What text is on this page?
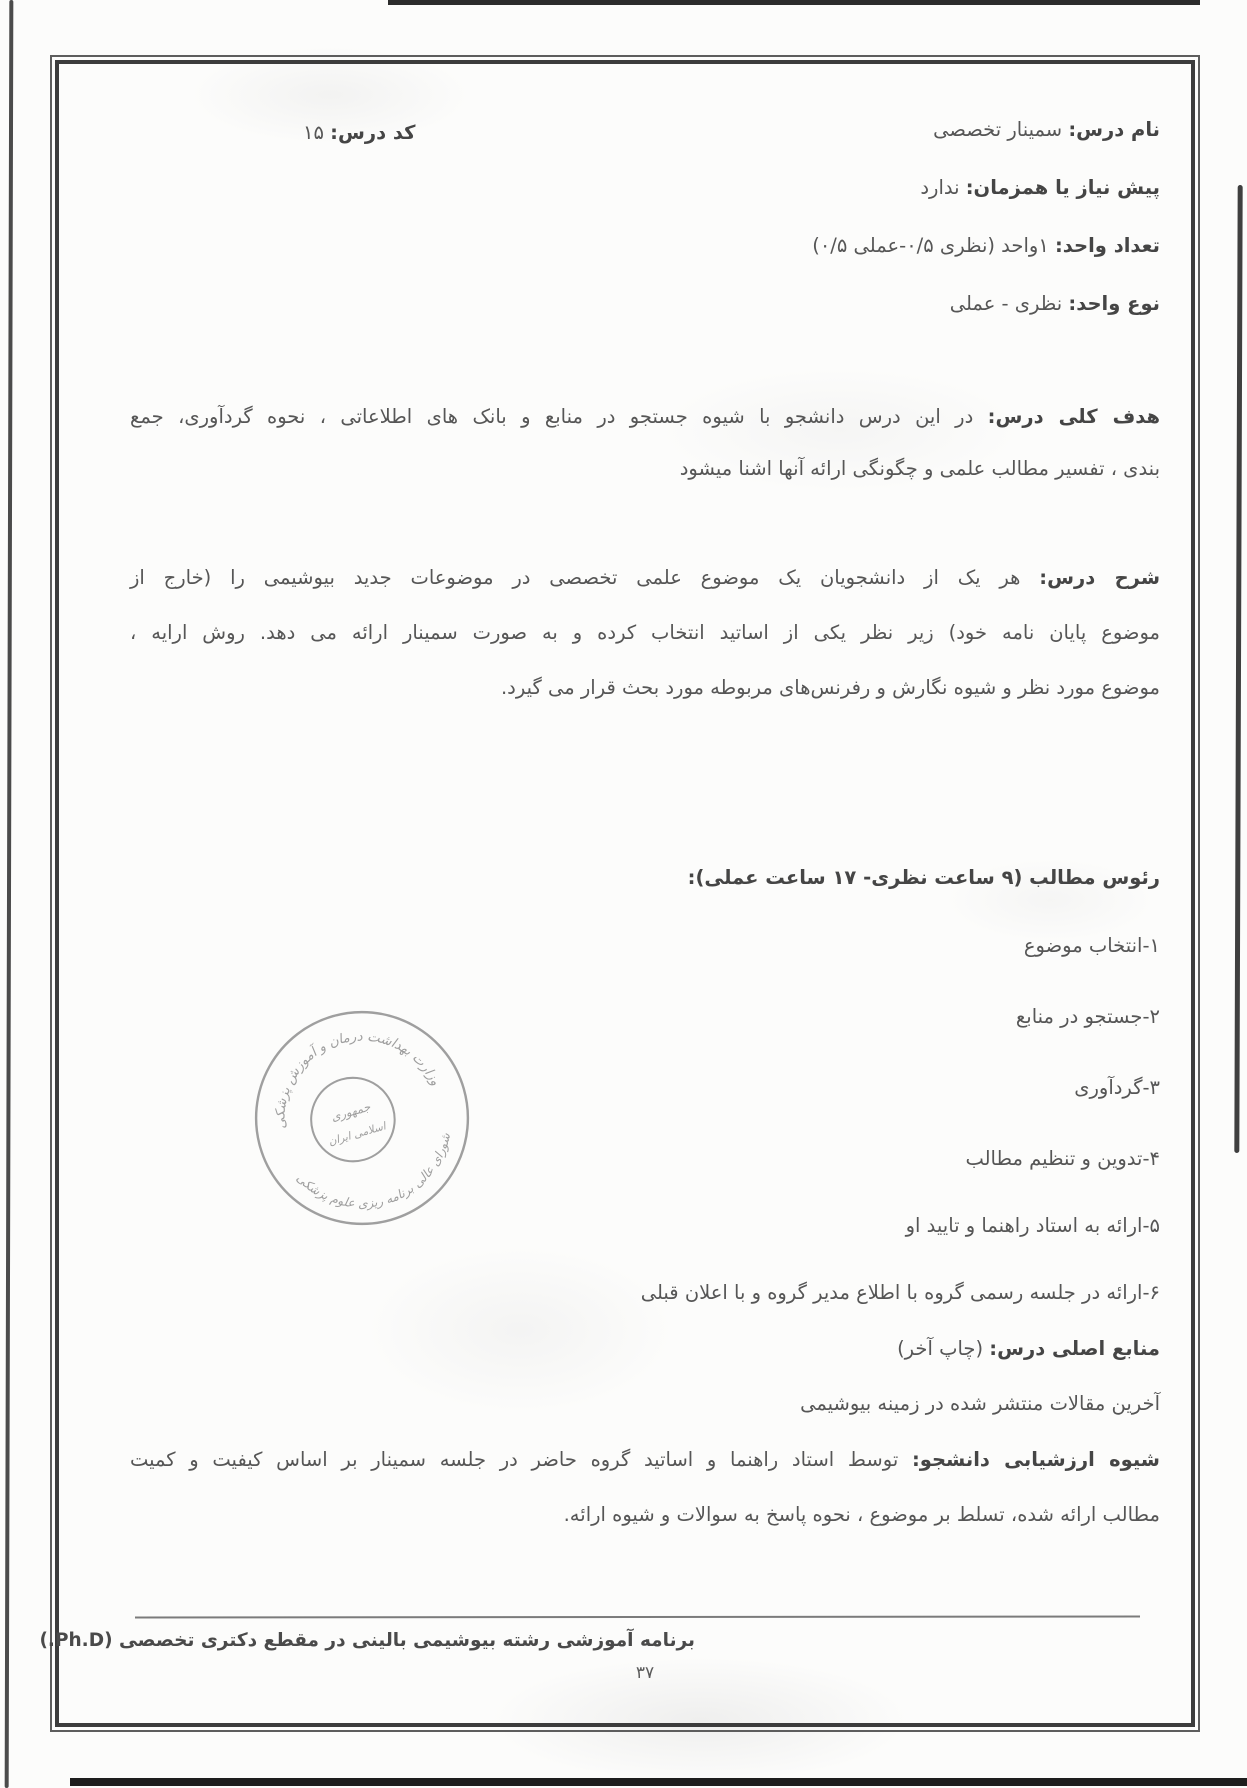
نام درس: سمینار تخصصی
کد درس: ۱۵
پیش نیاز یا همزمان: ندارد
تعداد واحد: ۱واحد (نظری ۰/۵-عملی ۰/۵)
نوع واحد: نظری - عملی
هدف کلی درس: در این درس دانشجو با شیوه جستجو در منابع و بانک های اطلاعاتی ، نحوه گردآوری، جمع
بندی ، تفسیر مطالب علمی و چگونگی ارائه آنها اشنا میشود
شرح درس: هر یک از دانشجویان یک موضوع علمی تخصصی در موضوعات جدید بیوشیمی را (خارج از
موضوع پایان نامه خود) زیر نظر یکی از اساتید انتخاب کرده و به صورت سمینار ارائه می دهد. روش ارایه ،
موضوع مورد نظر و شیوه نگارش و رفرنس‌های مربوطه مورد بحث قرار می گیرد.
رئوس مطالب (۹ ساعت نظری- ۱۷ ساعت عملی):
۱-انتخاب موضوع
۲-جستجو در منابع
۳-گردآوری
۴-تدوین و تنظیم مطالب
۵-ارائه به استاد راهنما و تایید او
۶-ارائه در جلسه رسمی گروه با اطلاع مدیر گروه و با اعلان قبلی
منابع اصلی درس: (چاپ آخر)
آخرین مقالات منتشر شده در زمینه بیوشیمی
شیوه ارزشیابی دانشجو: توسط استاد راهنما و اساتید گروه حاضر در جلسه سمینار بر اساس کیفیت و کمیت
مطالب ارائه شده، تسلط بر موضوع ، نحوه پاسخ به سوالات و شیوه ارائه.
وزارت بهداشت درمان و آموزش پزشکی
شورای عالی برنامه ریزی علوم پزشکی
جمهوری
اسلامی ایران
برنامه آموزشی رشته بیوشیمی بالینی در مقطع دکتری تخصصی (Ph.D.)
۳۷
